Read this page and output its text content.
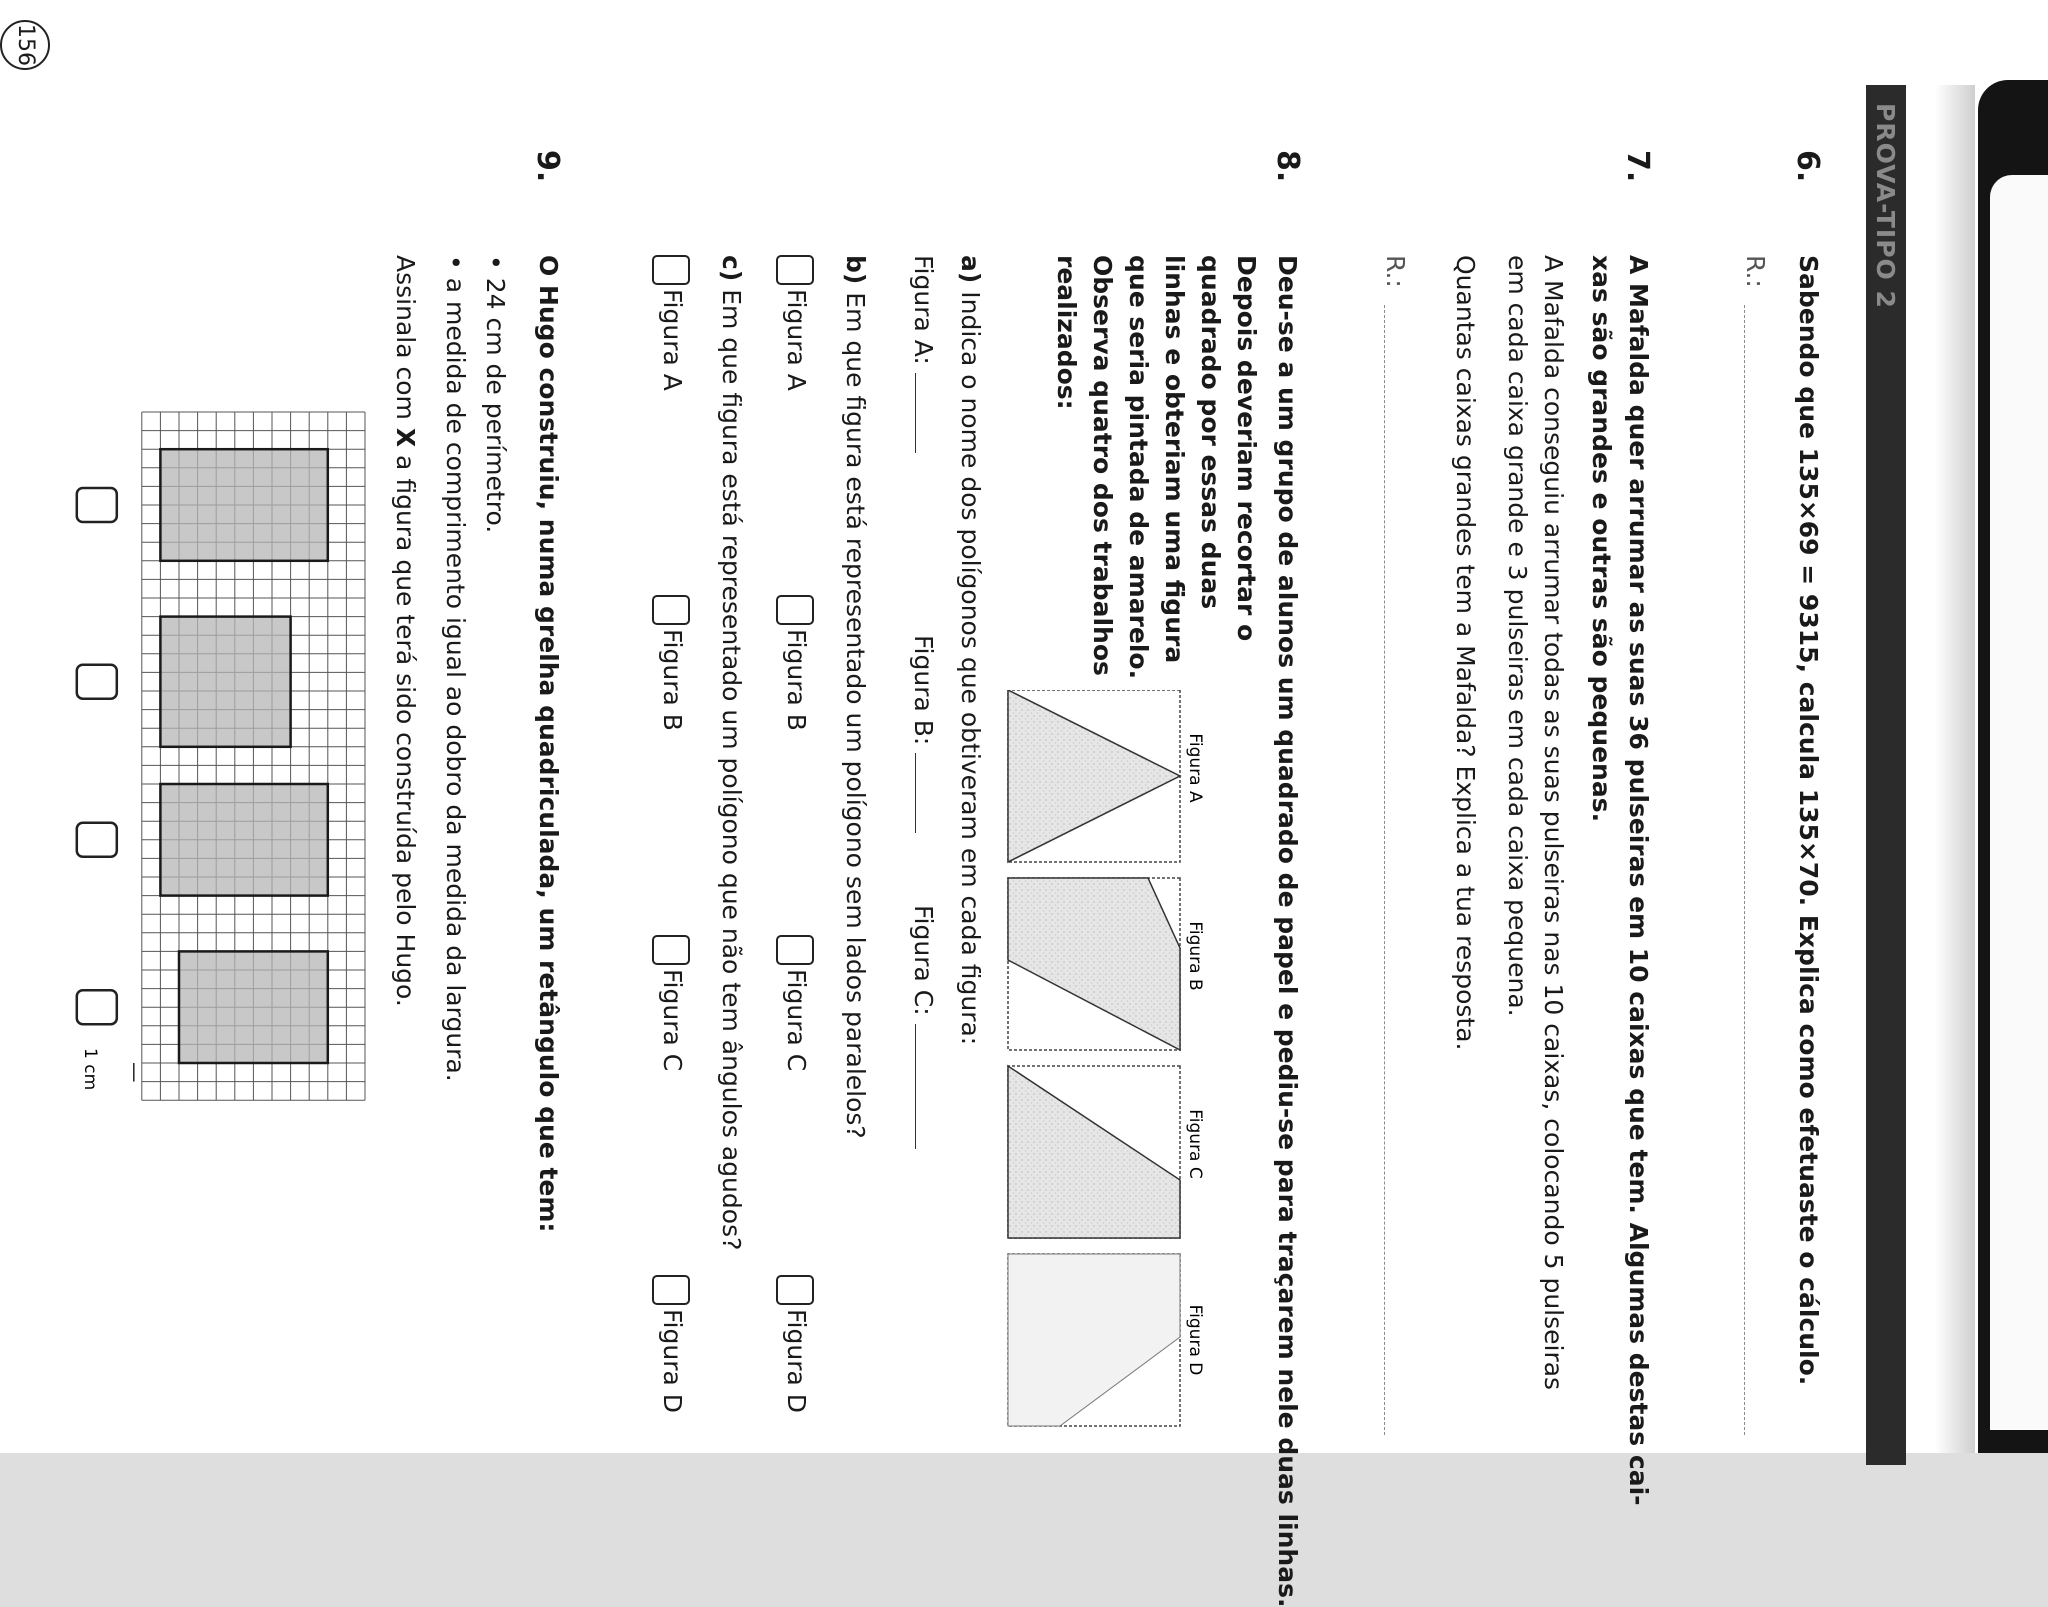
156
PROVA-TIPO 2
6.
Sabendo que 135×69 = 9315, calcula 135×70. Explica como efetuaste o cálculo.
R.:
7.
A Mafalda quer arrumar as suas 36 pulseiras em 10 caixas que tem. Algumas destas cai-
xas são grandes e outras são pequenas.
A Mafalda conseguiu arrumar todas as suas pulseiras nas 10 caixas, colocando 5 pulseiras
em cada caixa grande e 3 pulseiras em cada caixa pequena.
Quantas caixas grandes tem a Mafalda? Explica a tua resposta.
R.:
8.
Deu-se a um grupo de alunos um quadrado de papel e pediu-se para traçarem nele duas linhas.
Depois deveriam recortar o
quadrado por essas duas
linhas e obteriam uma figura
que seria pintada de amarelo.
Observa quatro dos trabalhos
realizados:
Figura A
Figura B
Figura C
Figura D
a) Indica o nome dos polígonos que obtiveram em cada figura:
Figura A:
Figura B:
Figura C:
b) Em que figura está representado um polígono sem lados paralelos?
Figura A
Figura B
Figura C
Figura D
c) Em que figura está representado um polígono que não tem ângulos agudos?
Figura A
Figura B
Figura C
Figura D
9.
O Hugo construiu, numa grelha quadriculada, um retângulo que tem:
• 24 cm de perímetro.
• a medida de comprimento igual ao dobro da medida da largura.
Assinala com X a figura que terá sido construída pelo Hugo.
1 cm
